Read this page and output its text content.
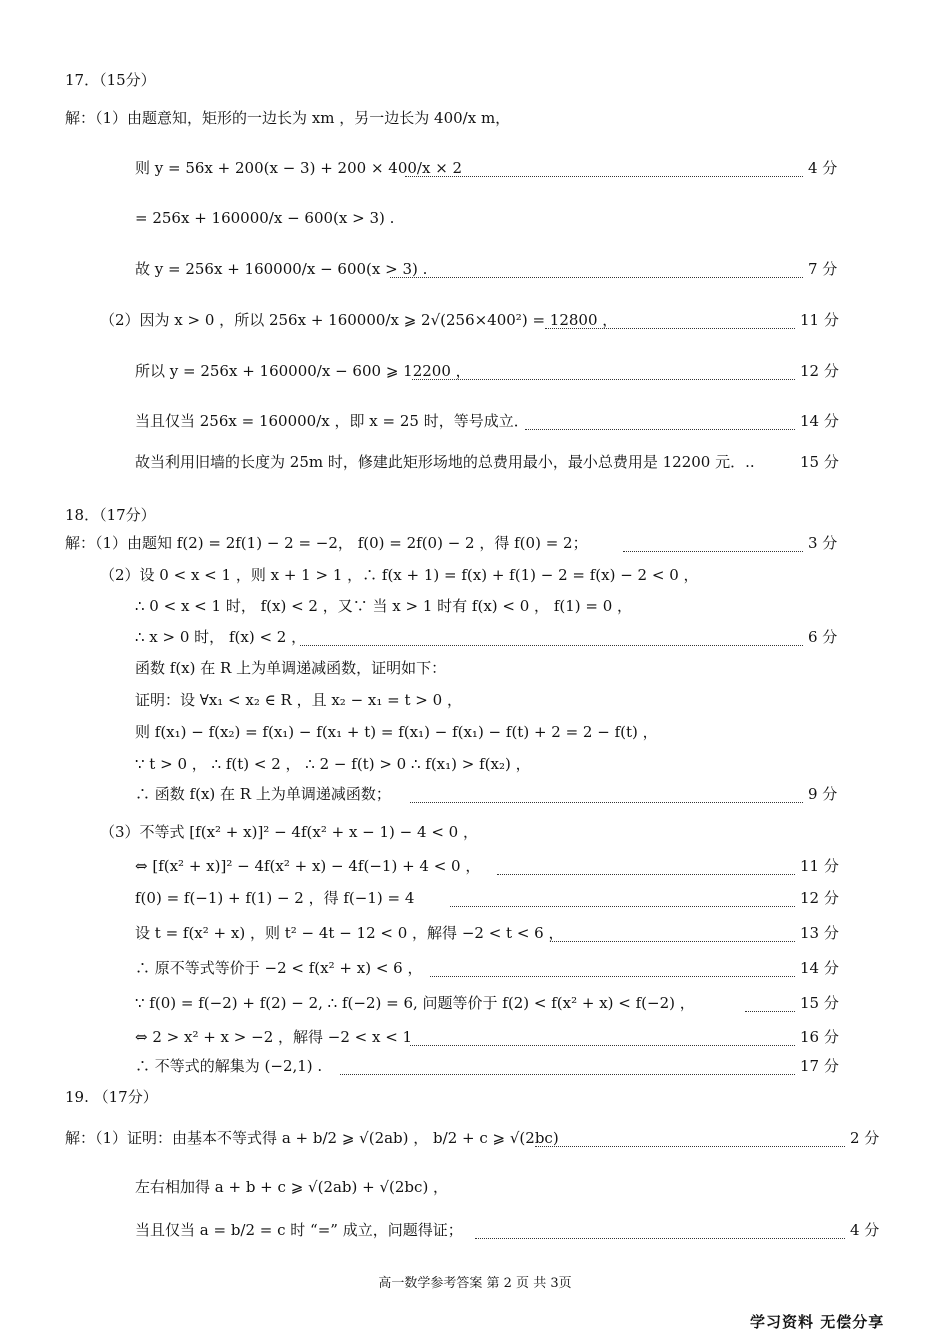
17．（15分）
解：（1）由题意知，矩形的一边长为 xm ，另一边长为 400/x m，
则 y = 56x + 200(x − 3) + 200 × 400/x × 2	4 分
= 256x + 160000/x − 600(x > 3) .
故 y = 256x + 160000/x − 600(x > 3) .	7 分
（2）因为 x > 0 ，所以 256x + 160000/x ⩾ 2√(256×400²) = 12800 ，	11 分
所以 y = 256x + 160000/x − 600 ⩾ 12200 ，	12 分
当且仅当 256x = 160000/x ，即 x = 25 时，等号成立．	14 分
故当利用旧墙的长度为 25m 时，修建此矩形场地的总费用最小，最小总费用是 12200 元．..	15 分
18．（17分）
解：（1）由题知 f(2) = 2f(1) − 2 = −2， f(0) = 2f(0) − 2 ，得 f(0) = 2；	3 分
（2）设 0 < x < 1 ，则 x + 1 > 1 ，∴ f(x + 1) = f(x) + f(1) − 2 = f(x) − 2 < 0 ，
∴ 0 < x < 1 时， f(x) < 2 ，又∵ 当 x > 1 时有 f(x) < 0 ， f(1) = 0 ，
∴ x > 0 时， f(x) < 2 ，	6 分
函数 f(x) 在 R 上为单调递减函数，证明如下：
证明：设 ∀x₁ < x₂ ∈ R ，且 x₂ − x₁ = t > 0 ，
则 f(x₁) − f(x₂) = f(x₁) − f(x₁ + t) = f(x₁) − f(x₁) − f(t) + 2 = 2 − f(t) ，
∵ t > 0 ， ∴ f(t) < 2 ， ∴ 2 − f(t) > 0 ∴ f(x₁) > f(x₂) ，
∴ 函数 f(x) 在 R 上为单调递减函数；	9 分
（3）不等式 [f(x² + x)]² − 4f(x² + x − 1) − 4 < 0 ，
⇔ [f(x² + x)]² − 4f(x² + x) − 4f(−1) + 4 < 0 ，	11 分
f(0) = f(−1) + f(1) − 2 ，得 f(−1) = 4	12 分
设 t = f(x² + x) ，则 t² − 4t − 12 < 0 ，解得 −2 < t < 6 ，	13 分
∴ 原不等式等价于 −2 < f(x² + x) < 6 ，	14 分
∵ f(0) = f(−2) + f(2) − 2, ∴ f(−2) = 6, 问题等价于 f(2) < f(x² + x) < f(−2) ，	15 分
⇔ 2 > x² + x > −2 ，解得 −2 < x < 1	16 分
∴ 不等式的解集为 (−2,1) .	17 分
19. （17分）
解：（1）证明：由基本不等式得 a + b/2 ⩾ √(2ab) ， b/2 + c ⩾ √(2bc)	2 分
左右相加得 a + b + c ⩾ √(2ab) + √(2bc) ，
当且仅当 a = b/2 = c 时 “=” 成立，问题得证；	4 分
高一数学参考答案 第 2 页 共 3页
学习资料 无偿分享
